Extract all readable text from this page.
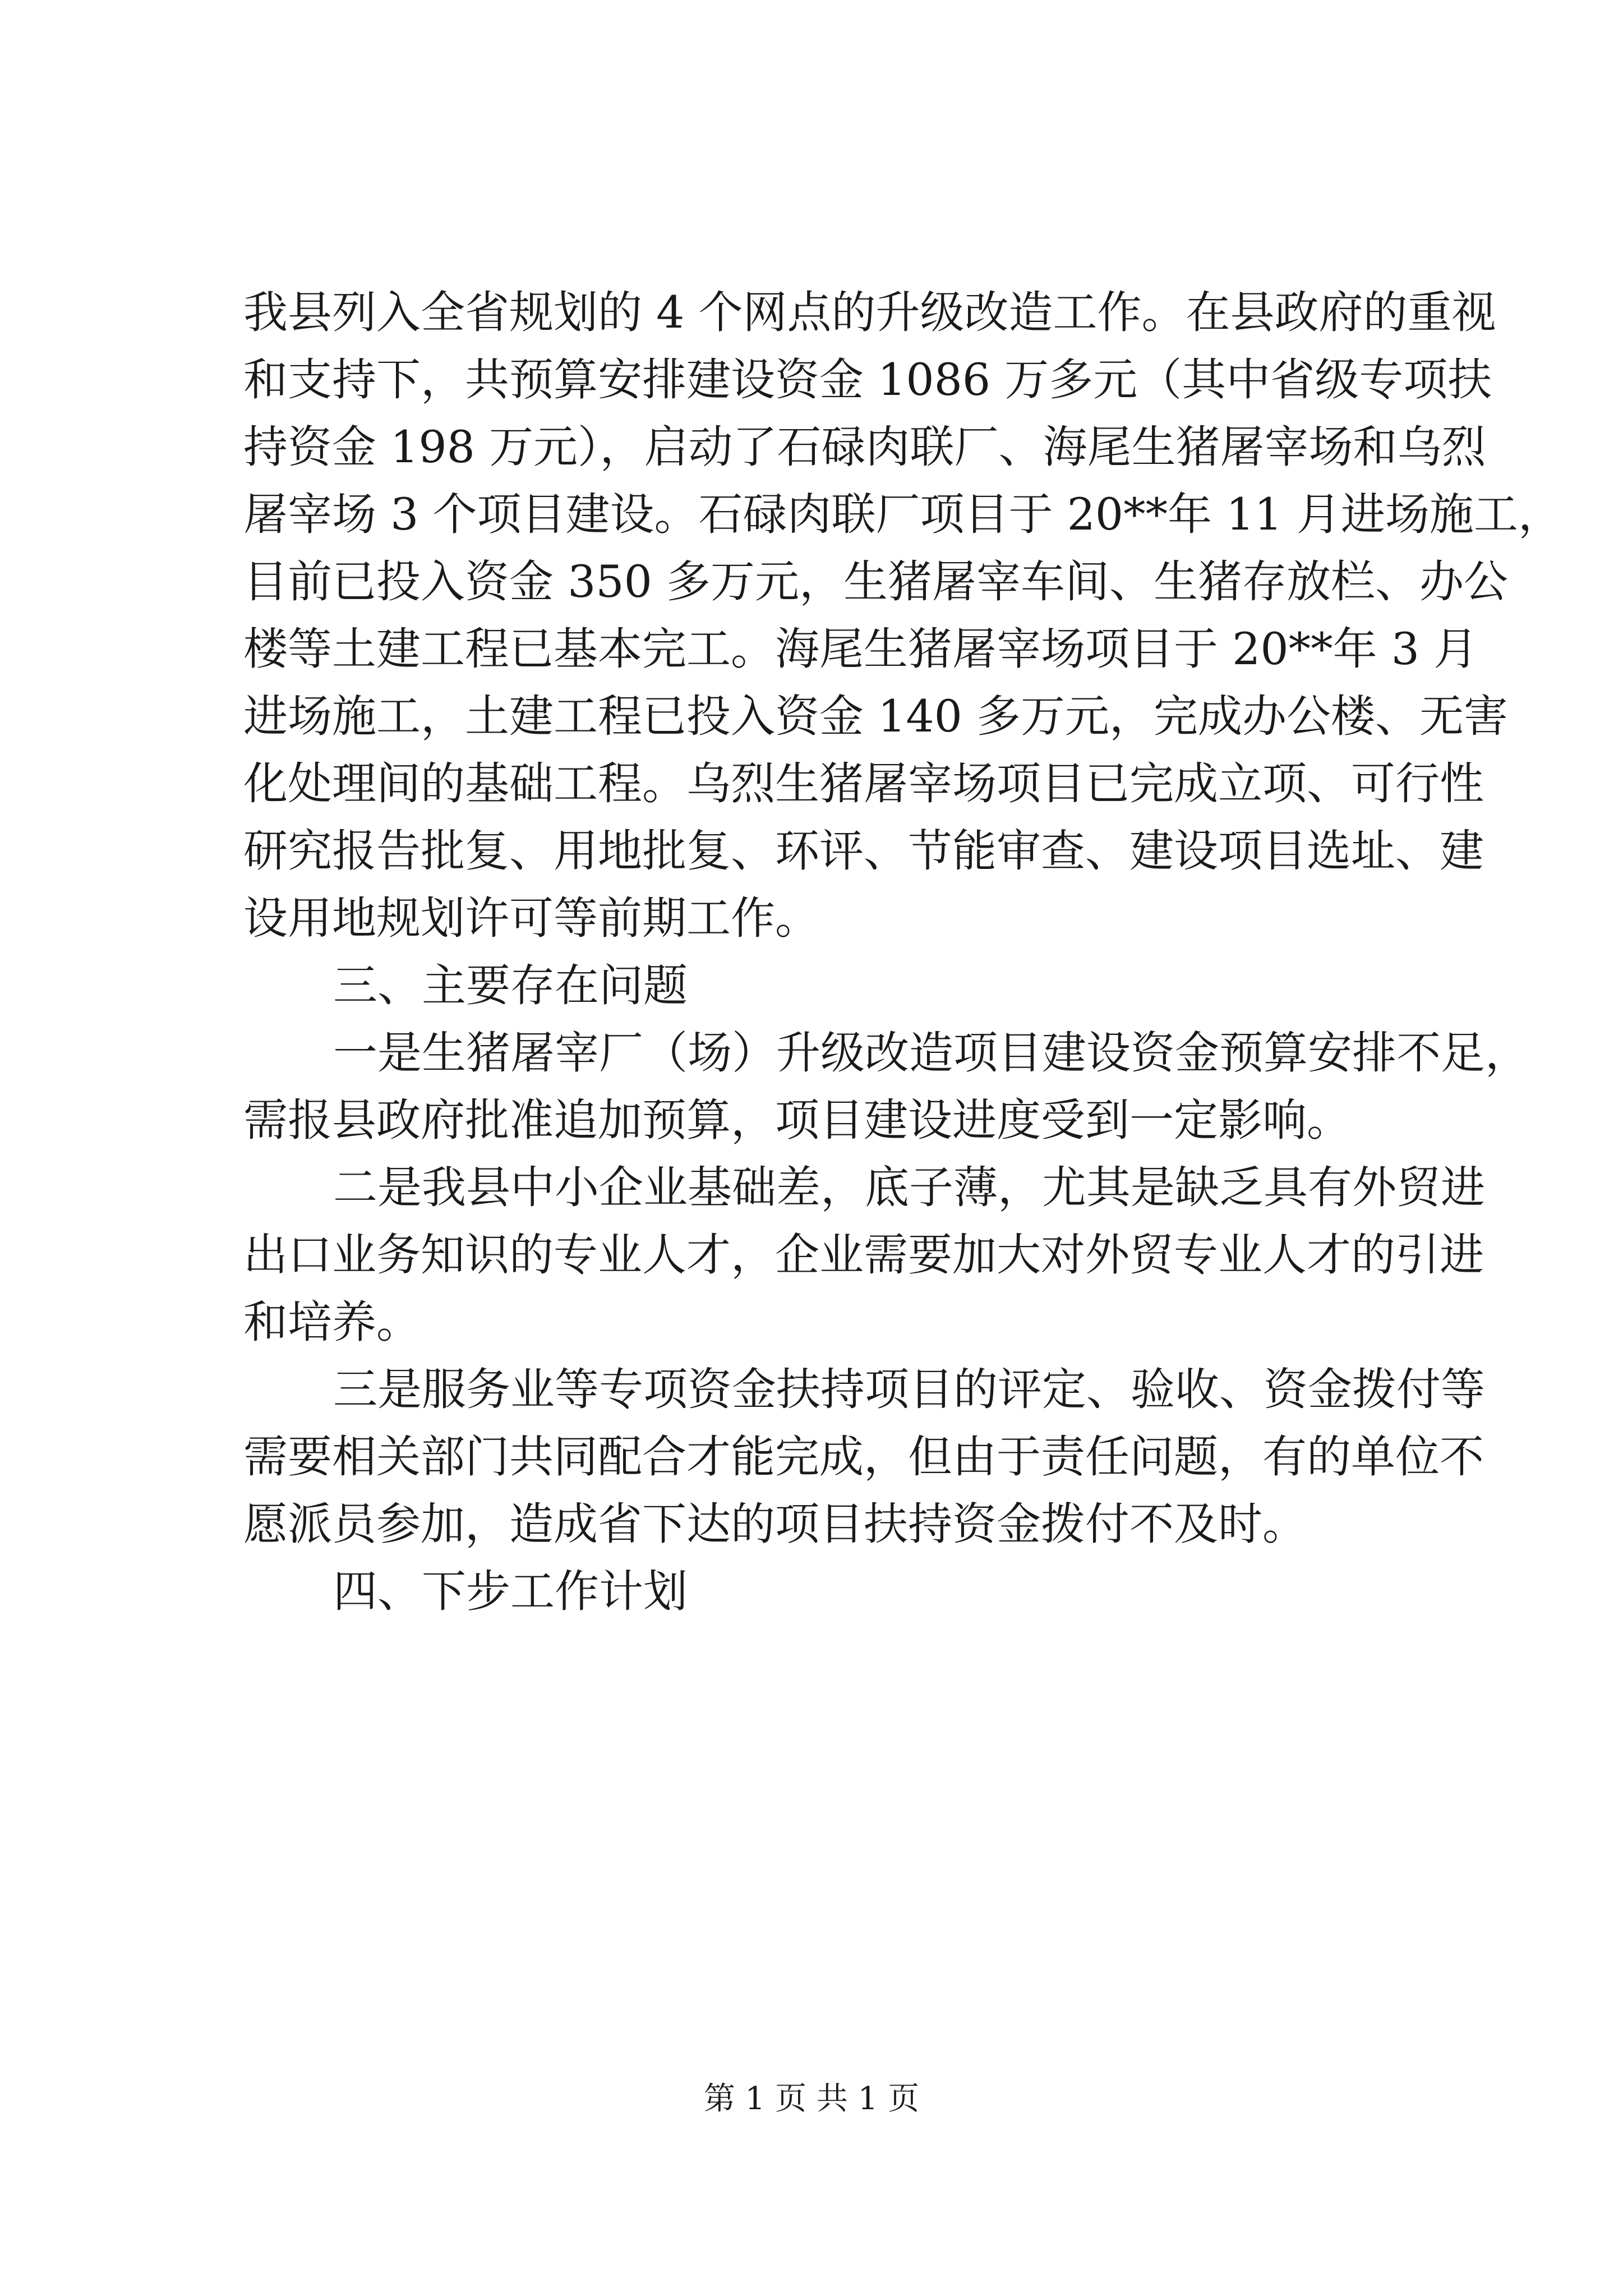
我县列入全省规划的 4 个网点的升级改造工作。在县政府的重视
和支持下，共预算安排建设资金 1086 万多元（其中省级专项扶
持资金 198 万元），启动了石碌肉联厂、海尾生猪屠宰场和乌烈
屠宰场 3 个项目建设。石碌肉联厂项目于 20**年 11 月进场施工，
目前已投入资金 350 多万元，生猪屠宰车间、生猪存放栏、办公
楼等土建工程已基本完工。海尾生猪屠宰场项目于 20**年 3 月
进场施工，土建工程已投入资金 140 多万元，完成办公楼、无害
化处理间的基础工程。乌烈生猪屠宰场项目已完成立项、可行性
研究报告批复、用地批复、环评、节能审查、建设项目选址、建
设用地规划许可等前期工作。
三、主要存在问题
一是生猪屠宰厂（场）升级改造项目建设资金预算安排不足，
需报县政府批准追加预算，项目建设进度受到一定影响。
二是我县中小企业基础差，底子薄，尤其是缺乏具有外贸进
出口业务知识的专业人才，企业需要加大对外贸专业人才的引进
和培养。
三是服务业等专项资金扶持项目的评定、验收、资金拨付等
需要相关部门共同配合才能完成，但由于责任问题，有的单位不
愿派员参加，造成省下达的项目扶持资金拨付不及时。
四、下步工作计划
第 1 页 共 1 页
